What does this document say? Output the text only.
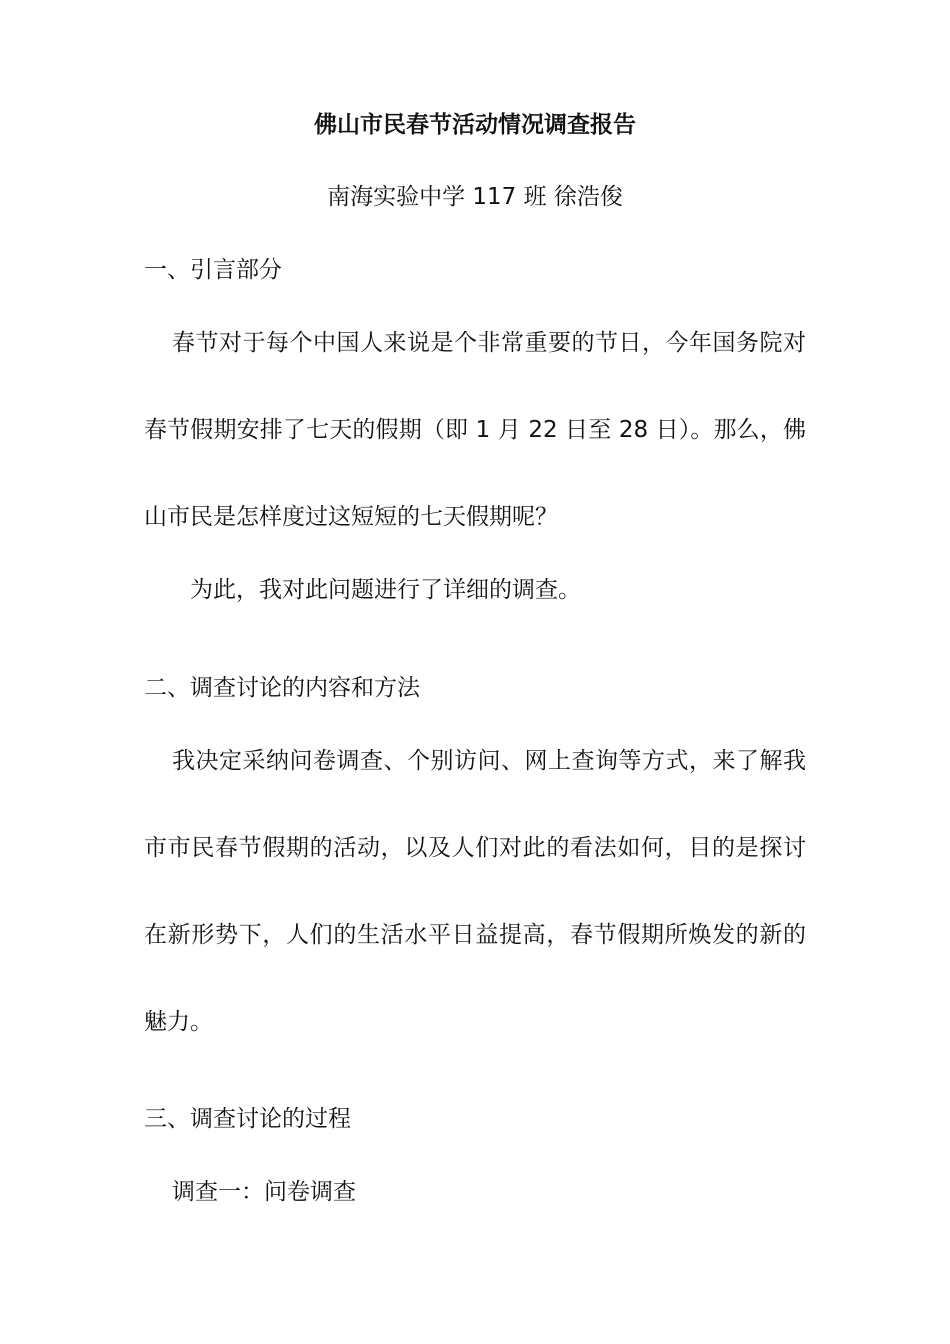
佛山市民春节活动情况调查报告
南海实验中学 117 班 徐浩俊
一、引言部分
春节对于每个中国人来说是个非常重要的节日，今年国务院对
春节假期安排了七天的假期（即 1 月 22 日至 28 日）。那么，佛
山市民是怎样度过这短短的七天假期呢？
为此，我对此问题进行了详细的调查。
二、调查讨论的内容和方法
我决定采纳问卷调查、个别访问、网上查询等方式，来了解我
市市民春节假期的活动，以及人们对此的看法如何，目的是探讨
在新形势下，人们的生活水平日益提高，春节假期所焕发的新的
魅力。
三、调查讨论的过程
调查一：问卷调查
